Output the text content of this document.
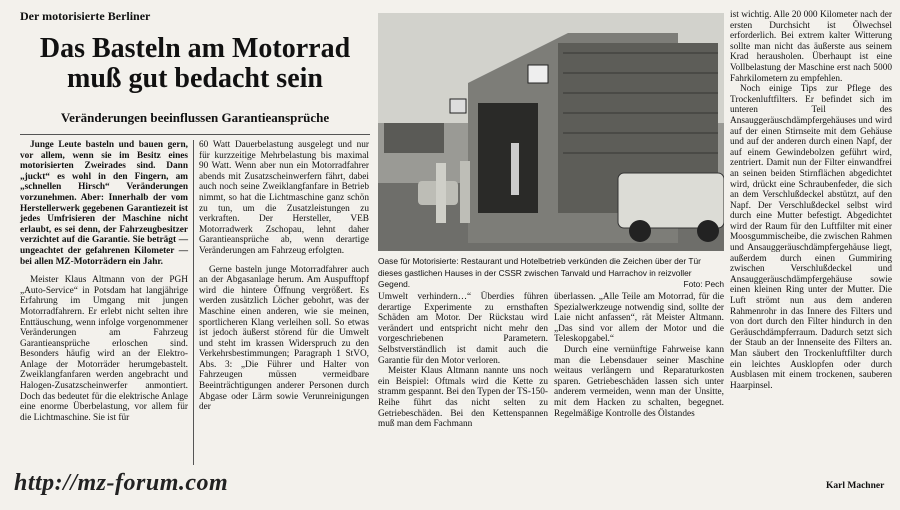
Der motorisierte Berliner
Das Basteln am Motorrad
muß gut bedacht sein
Veränderungen beeinflussen Garantieansprüche

Junge Leute basteln und bauen gern, vor allem, wenn sie im Besitz eines motorisierten Zweirades sind. Dann „juckt“ es wohl in den Fingern, am „schnellen Hirsch“ Veränderungen vorzunehmen. Aber: Innerhalb der vom Herstellerwerk gegebenen Garantiezeit ist jedes Umfrisieren der Maschine nicht erlaubt, es sei denn, der Fahrzeugbesitzer verzichtet auf die Garantie. Sie beträgt — ungeachtet der gefahrenen Kilometer — bei allen MZ-Motorrädern ein Jahr.

Meister Klaus Altmann von der PGH „Auto-Service“ in Potsdam hat langjährige Erfahrung im Umgang mit jungen Motorradfahrern. Er erlebt nicht selten ihre Enttäuschung, wenn infolge vorgenommener Veränderungen am Fahrzeug Garantieansprüche erloschen sind. Besonders häufig wird an der Elektro-Anlage der Motorräder herumgebastelt. Zweiklangfanfaren werden angebracht und Halogen-Zusatzscheinwerfer anmontiert. Doch das bedeutet für die elektrische Anlage eine enorme Überbelastung, vor allem für die Lichtmaschine. Sie ist für

60 Watt Dauerbelastung ausgelegt und nur für kurzzeitige Mehrbelastung bis maximal 90 Watt. Wenn aber nun ein Motorradfahrer abends mit Zusatzscheinwerfern fährt, dabei auch noch seine Zweiklangfanfare in Betrieb nimmt, so hat die Lichtmaschine ganz schön zu tun, um die Zusatzleistungen zu verkraften. Der Hersteller, VEB Motorradwerk Zschopau, lehnt daher Garantieansprüche ab, wenn derartige Veränderungen am Fahrzeug erfolgten.

Gerne basteln junge Motorradfahrer auch an der Abgasanlage herum. Am Auspufftopf wird die hintere Öffnung vergrößert. Es werden zusätzlich Löcher gebohrt, was der Maschine einen anderen, wie sie meinen, sportlicheren Klang verleihen soll. So etwas ist jedoch äußerst störend für die Umwelt und steht im krassen Widerspruch zu den Verkehrsbestimmungen; Paragraph 1 StVO, Abs. 3: „Die Führer und Halter von Fahrzeugen müssen vermeidbare Beeinträchtigungen anderer Personen durch Abgase oder Lärm sowie Verunreinigungen der

Oase für Motorisierte: Restaurant und Hotelbetrieb verkünden die Zeichen über der Tür dieses gastlichen Hauses in der CSSR zwischen Tanvald und Harrachov in reizvoller Gegend.	Foto: Pech

Umwelt verhindern…“ Überdies führen derartige Experimente zu ernsthaften Schäden am Motor. Der Rückstau wird verändert und entspricht nicht mehr den vorgeschriebenen Parametern. Selbstverständlich ist damit auch die Garantie für den Motor verloren.

Meister Klaus Altmann nannte uns noch ein Beispiel: Oftmals wird die Kette zu stramm gespannt. Bei den Typen der TS-150-Reihe führt das nicht selten zu Getriebeschäden. Bei den Kettenspannen muß man dem Fachmann

überlassen. „Alle Teile am Motorrad, für die Spezialwerkzeuge notwendig sind, sollte der Laie nicht anfassen“, rät Meister Altmann. „Das sind vor allem der Motor und die Teleskopgabel.“

Durch eine vernünftige Fahrweise kann man die Lebensdauer seiner Maschine weitaus verlängern und Reparaturkosten sparen. Getriebeschäden lassen sich unter anderem vermeiden, wenn man der Unsitte, mit dem Hacken zu schalten, begegnet. Regelmäßige Kontrolle des Ölstandes

ist wichtig. Alle 20 000 Kilometer nach der ersten Durchsicht ist Ölwechsel erforderlich. Bei extrem kalter Witterung sollte man nicht das äußerste aus seinem Krad herausholen. Überhaupt ist eine Vollbelastung der Maschine erst nach 5000 Fahrkilometern zu empfehlen.

Noch einige Tips zur Pflege des Trockenluftfilters. Er befindet sich im unteren Teil des Ansauggeräuschdämpfergehäuses und wird auf der einen Stirnseite mit dem Gehäuse und auf der anderen durch einen Napf, der auf einem Gewindebolzen geführt wird, zentriert. Damit nun der Filter einwandfrei an seinen beiden Stirnflächen abgedichtet wird, drückt eine Schraubenfeder, die sich an dem Verschlußdeckel abstützt, auf den Napf. Der Verschlußdeckel selbst wird durch eine Mutter befestigt. Abgedichtet wird der Raum für den Luftfilter mit einer Moosgummischeibe, die zwischen Rahmen und Ansauggeräuschdämpfergehäuse liegt, außerdem durch einen Gummiring zwischen Verschlußdeckel und Ansauggeräuschdämpfergehäuse sowie einen kleinen Ring unter der Mutter. Die Luft strömt nun aus dem anderen Rahmenrohr in das Innere des Filters und von dort durch den Filter hindurch in den Geräuschdämpferraum. Dadurch setzt sich der Staub an der Innenseite des Filters an. Man säubert den Trockenluftfilter durch ein leichtes Ausklopfen oder durch Ausblasen mit einem trockenen, sauberen Haarpinsel.

Karl Machner
http://mz-forum.com
